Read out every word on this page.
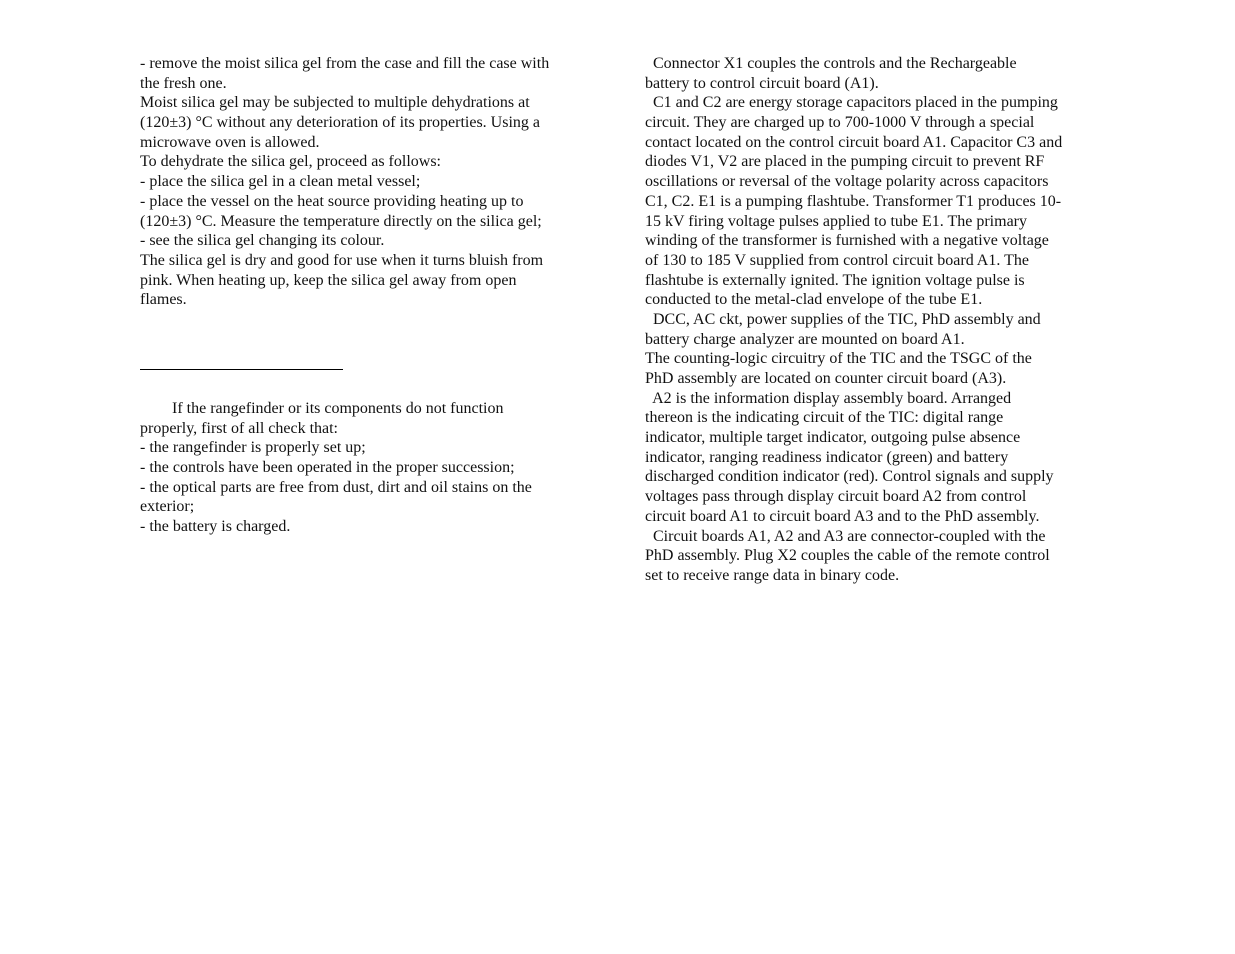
- remove the moist silica gel from the case and fill the case with
the fresh one.
Moist silica gel may be subjected to multiple dehydrations at
(120±3) °C without any deterioration of its properties. Using a
microwave oven is allowed.
To dehydrate the silica gel, proceed as follows:
- place the silica gel in a clean metal vessel;
- place the vessel on the heat source providing heating up to
(120±3) °C. Measure the temperature directly on the silica gel;
- see the silica gel changing its colour.
The silica gel is dry and good for use when it turns bluish from
pink. When heating up, keep the silica gel away from open
flames.
If the rangefinder or its components do not function
properly, first of all check that:
- the rangefinder is properly set up;
- the controls have been operated in the proper succession;
- the optical parts are free from dust, dirt and oil stains on the
exterior;
- the battery is charged.
Connector X1 couples the controls and the Rechargeable
battery to control circuit board (A1).
C1 and C2 are energy storage capacitors placed in the pumping
circuit. They are charged up to 700-1000 V through a special
contact located on the control circuit board A1. Capacitor C3 and
diodes V1, V2 are placed in the pumping circuit to prevent RF
oscillations or reversal of the voltage polarity across capacitors
C1, C2. E1 is a pumping flashtube. Transformer T1 produces 10-
15 kV firing voltage pulses applied to tube E1. The primary
winding of the transformer is furnished with a negative voltage
of 130 to 185 V supplied from control circuit board A1. The
flashtube is externally ignited. The ignition voltage pulse is
conducted to the metal-clad envelope of the tube E1.
DCC, AC ckt, power supplies of the TIC, PhD assembly and
battery charge analyzer are mounted on board A1.
The counting-logic circuitry of the TIC and the TSGC of the
PhD assembly are located on counter circuit board (A3).
A2 is the information display assembly board. Arranged
thereon is the indicating circuit of the TIC: digital range
indicator, multiple target indicator, outgoing pulse absence
indicator, ranging readiness indicator (green) and battery
discharged condition indicator (red). Control signals and supply
voltages pass through display circuit board A2 from control
circuit board A1 to circuit board A3 and to the PhD assembly.
Circuit boards A1, A2 and A3 are connector-coupled with the
PhD assembly. Plug X2 couples the cable of the remote control
set to receive range data in binary code.
